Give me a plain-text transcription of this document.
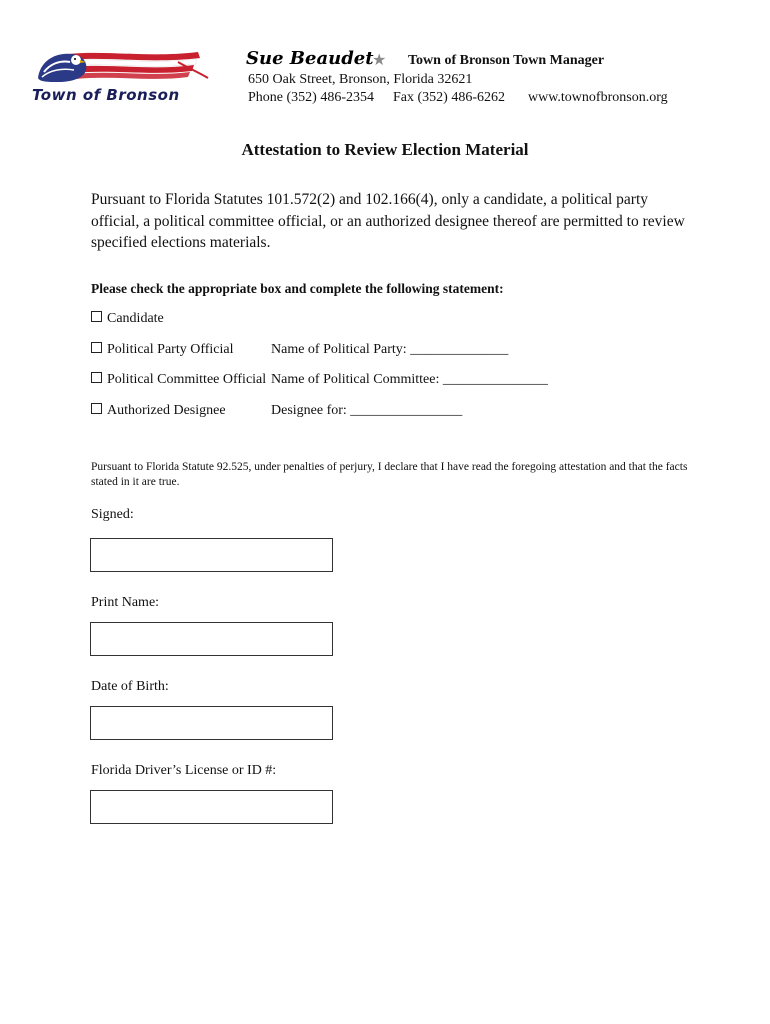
Town of Bronson
Sue Beaudet
★ Town of Bronson Town Manager
650 Oak Street, Bronson, Florida 32621
Phone (352) 486-2354 Fax (352) 486-6262 www.townofbronson.org
Attestation to Review Election Material
Pursuant to Florida Statutes 101.572(2) and 102.166(4), only a candidate, a political party official, a political committee official, or an authorized designee thereof are permitted to review specified elections materials.
Please check the appropriate box and complete the following statement:
Candidate
Political Party Official	Name of Political Party: ______________
Political Committee Official Name of Political Committee: _______________
Authorized Designee	Designee for: ________________
Pursuant to Florida Statute 92.525, under penalties of perjury, I declare that I have read the foregoing attestation and that the facts stated in it are true.
Signed:
Print Name:
Date of Birth:
Florida Driver’s License or ID #:
